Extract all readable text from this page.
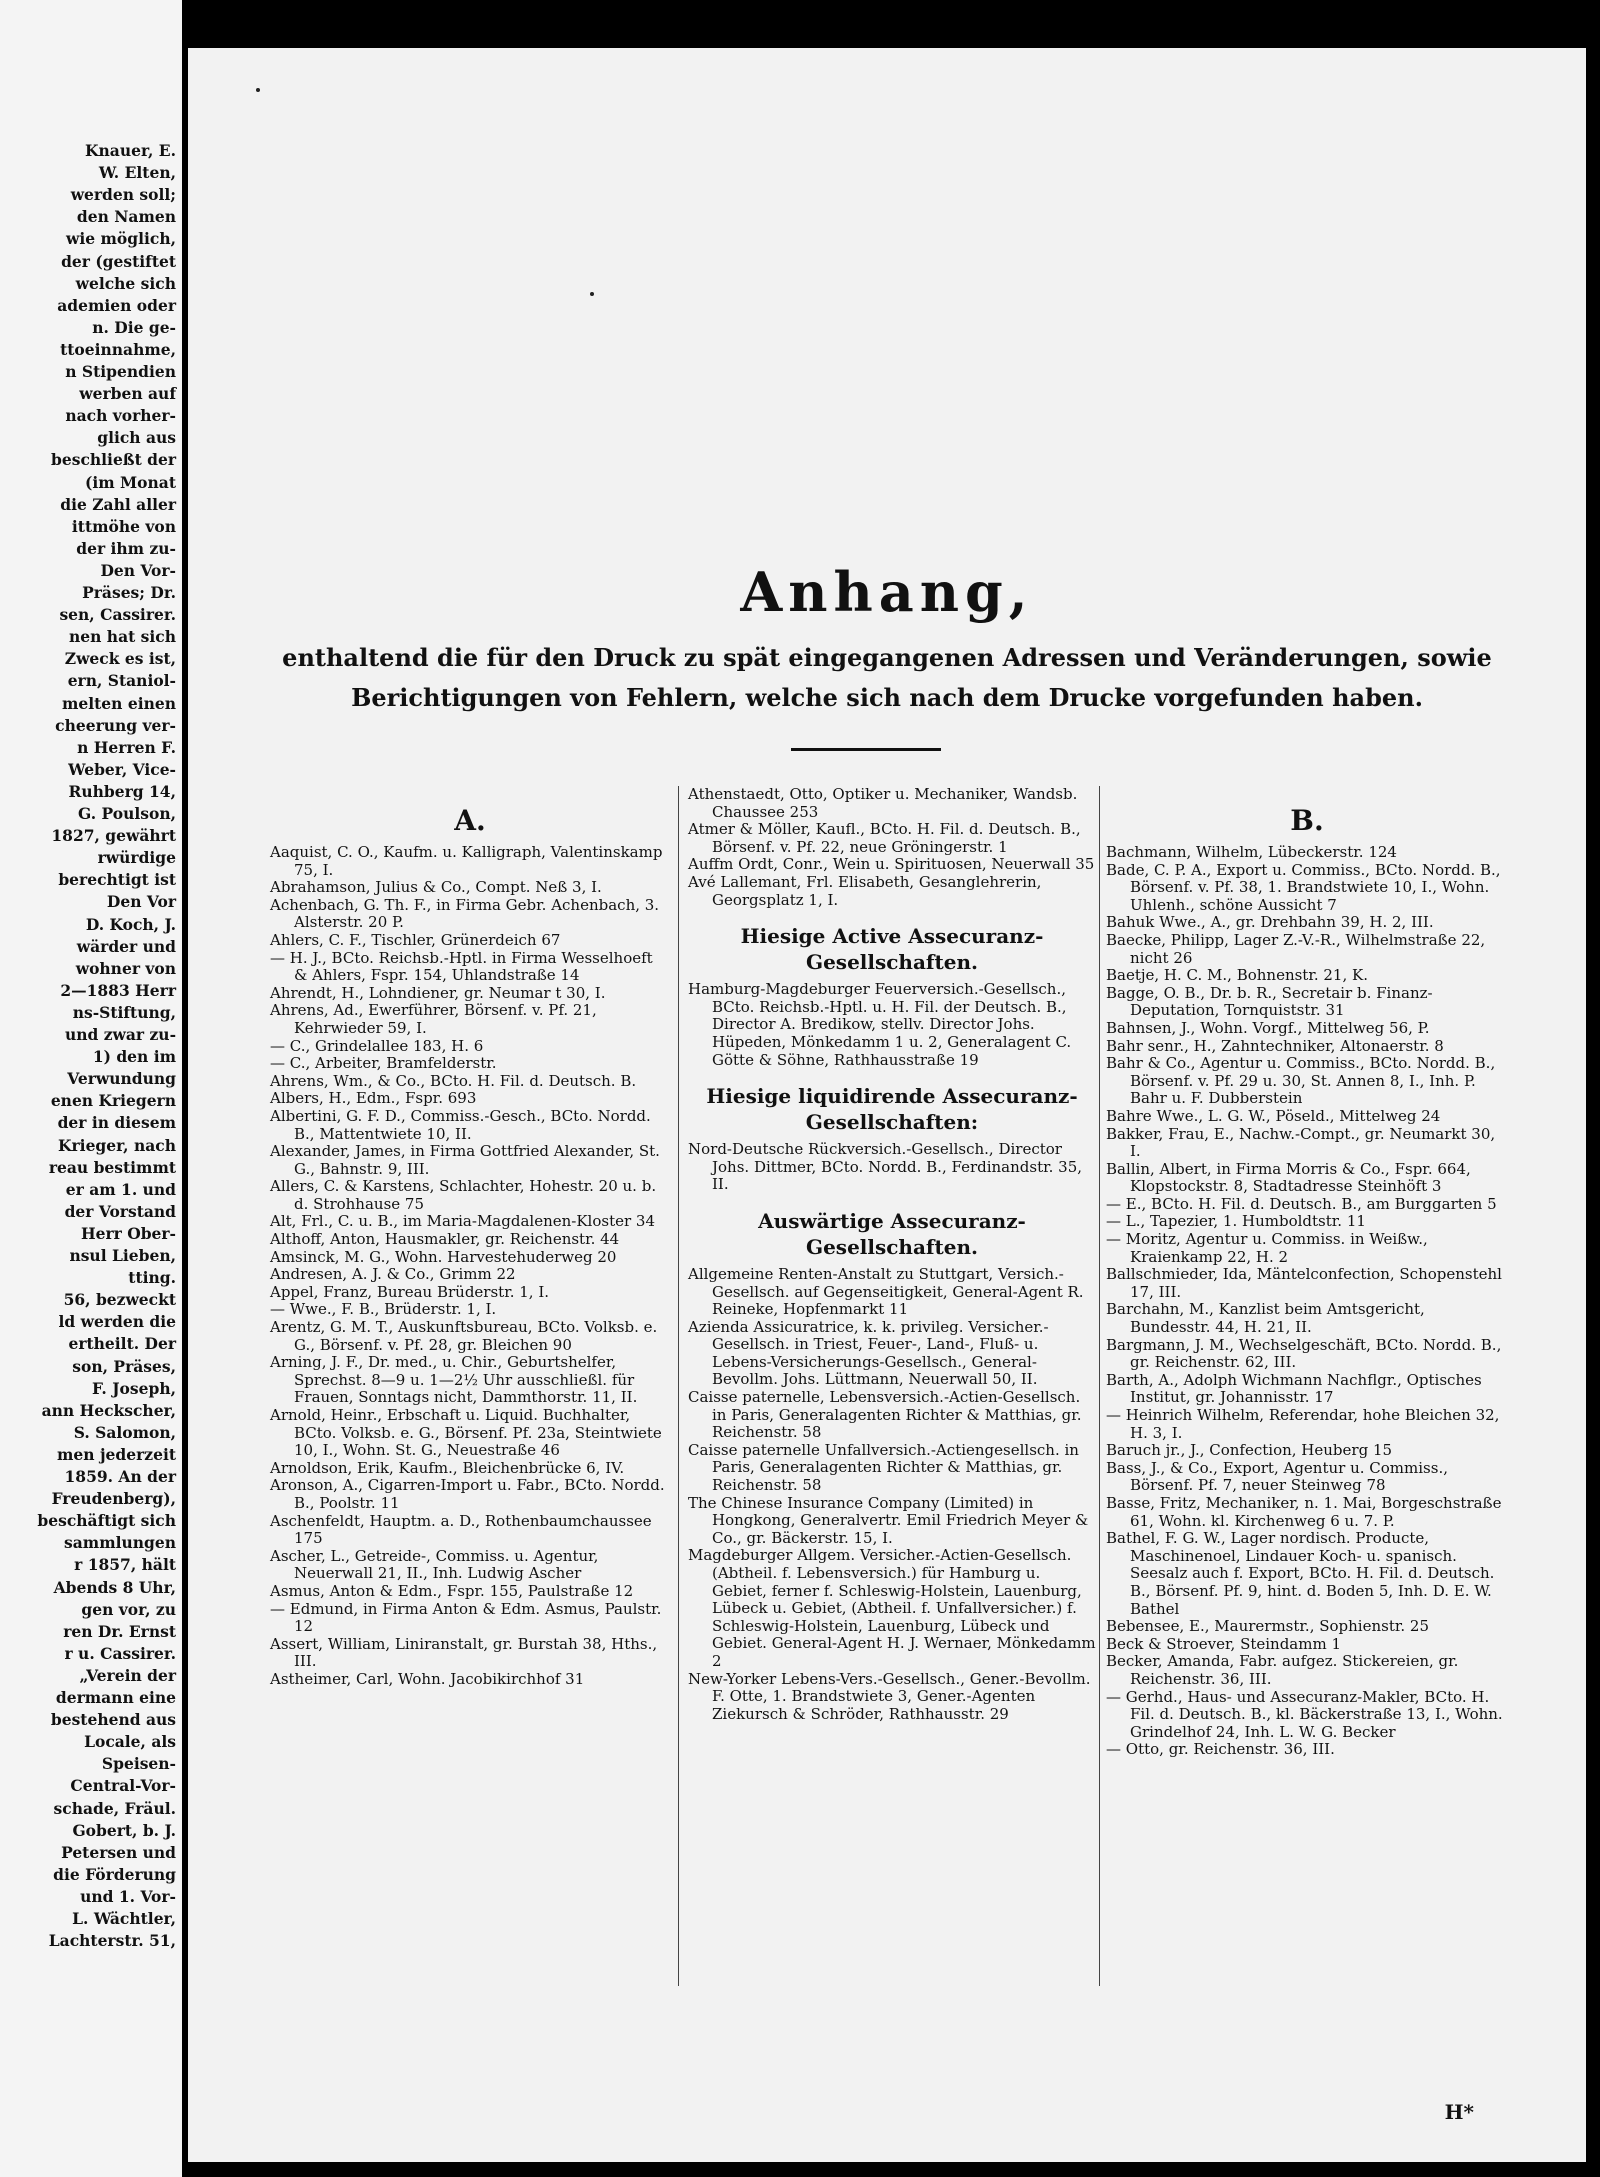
Knauer, E.
W. Elten,
werden soll;
den Namen
wie möglich,
der (gestiftet
welche sich
ademien oder
n. Die ge-
ttoeinnahme,
n Stipendien
werben auf
nach vorher-
glich aus
beschließt der
(im Monat
die Zahl aller
ittmöhe von
der ihm zu-
Den Vor-
Präses; Dr.
sen, Cassirer.
nen hat sich
Zweck es ist,
ern, Staniol-
melten einen
cheerung ver-
n Herren F.
Weber, Vice-
Ruhberg 14,
G. Poulson,
1827, gewährt
rwürdige
berechtigt ist
Den Vor
D. Koch, J.
wärder und
wohner von
2—1883 Herr
ns-Stiftung,
und zwar zu-
1) den im
Verwundung
enen Kriegern
der in diesem
Krieger, nach
reau bestimmt
er am 1. und
der Vorstand
Herr Ober-
nsul Lieben,
tting.
56, bezweckt
ld werden die
ertheilt. Der
son, Präses,
F. Joseph,
ann Heckscher,
S. Salomon,
men jederzeit
1859. An der
Freudenberg),
beschäftigt sich
sammlungen
r 1857, hält
Abends 8 Uhr,
gen vor, zu
ren Dr. Ernst
r u. Cassirer.
„Verein der
dermann eine
bestehend aus
Locale, als
Speisen-
Central-Vor-
schade, Fräul.
Gobert, b. J.
Petersen und
die Förderung
und 1. Vor-
L. Wächtler,
Lachterstr. 51,
Anhang,
enthaltend die für den Druck zu spät eingegangenen Adressen und Veränderungen, sowie Berichtigungen von Fehlern, welche sich nach dem Drucke vorgefunden haben.
A.
Aaquist, C. O., Kaufm. u. Kalligraph, Valentinskamp 75, I.
Abrahamson, Julius & Co., Compt. Neß 3, I.
Achenbach, G. Th. F., in Firma Gebr. Achenbach, 3. Alsterstr. 20 P.
Ahlers, C. F., Tischler, Grünerdeich 67
— H. J., BCto. Reichsb.-Hptl. in Firma Wesselhoeft & Ahlers, Fspr. 154, Uhlandstraße 14
Ahrendt, H., Lohndiener, gr. Neumar t 30, I.
Ahrens, Ad., Ewerführer, Börsenf. v. Pf. 21, Kehrwieder 59, I.
— C., Grindelallee 183, H. 6
— C., Arbeiter, Bramfelderstr.
Ahrens, Wm., & Co., BCto. H. Fil. d. Deutsch. B.
Albers, H., Edm., Fspr. 693
Albertini, G. F. D., Commiss.-Gesch., BCto. Nordd. B., Mattentwiete 10, II.
Alexander, James, in Firma Gottfried Alexander, St. G., Bahnstr. 9, III.
Allers, C. & Karstens, Schlachter, Hohestr. 20 u. b. d. Strohhause 75
Alt, Frl., C. u. B., im Maria-Magdalenen-Kloster 34
Althoff, Anton, Hausmakler, gr. Reichenstr. 44
Amsinck, M. G., Wohn. Harvestehuderweg 20
Andresen, A. J. & Co., Grimm 22
Appel, Franz, Bureau Brüderstr. 1, I.
— Wwe., F. B., Brüderstr. 1, I.
Arentz, G. M. T., Auskunftsbureau, BCto. Volksb. e. G., Börsenf. v. Pf. 28, gr. Bleichen 90
Arning, J. F., Dr. med., u. Chir., Geburtshelfer, Sprechst. 8—9 u. 1—2½ Uhr ausschließl. für Frauen, Sonntags nicht, Dammthorstr. 11, II.
Arnold, Heinr., Erbschaft u. Liquid. Buchhalter, BCto. Volksb. e. G., Börsenf. Pf. 23a, Steintwiete 10, I., Wohn. St. G., Neuestraße 46
Arnoldson, Erik, Kaufm., Bleichenbrücke 6, IV.
Aronson, A., Cigarren-Import u. Fabr., BCto. Nordd. B., Poolstr. 11
Aschenfeldt, Hauptm. a. D., Rothenbaumchaussee 175
Ascher, L., Getreide-, Commiss. u. Agentur, Neuerwall 21, II., Inh. Ludwig Ascher
Asmus, Anton & Edm., Fspr. 155, Paulstraße 12
— Edmund, in Firma Anton & Edm. Asmus, Paulstr. 12
Assert, William, Liniranstalt, gr. Burstah 38, Hths., III.
Astheimer, Carl, Wohn. Jacobikirchhof 31
Athenstaedt, Otto, Optiker u. Mechaniker, Wandsb. Chaussee 253
Atmer & Möller, Kaufl., BCto. H. Fil. d. Deutsch. B., Börsenf. v. Pf. 22, neue Gröningerstr. 1
Auffm Ordt, Conr., Wein u. Spirituosen, Neuerwall 35
Avé Lallemant, Frl. Elisabeth, Gesanglehrerin, Georgsplatz 1, I.
Hiesige Active Assecuranz-Gesellschaften.
Hamburg-Magdeburger Feuerversich.-Gesellsch., BCto. Reichsb.-Hptl. u. H. Fil. der Deutsch. B., Director A. Bredikow, stellv. Director Johs. Hüpeden, Mönkedamm 1 u. 2, Generalagent C. Götte & Söhne, Rathhausstraße 19
Hiesige liquidirende Assecuranz-Gesellschaften:
Nord-Deutsche Rückversich.-Gesellsch., Director Johs. Dittmer, BCto. Nordd. B., Ferdinandstr. 35, II.
Auswärtige Assecuranz-Gesellschaften.
Allgemeine Renten-Anstalt zu Stuttgart, Versich.-Gesellsch. auf Gegenseitigkeit, General-Agent R. Reineke, Hopfenmarkt 11
Azienda Assicuratrice, k. k. privileg. Versicher.-Gesellsch. in Triest, Feuer-, Land-, Fluß- u. Lebens-Versicherungs-Gesellsch., General-Bevollm. Johs. Lüttmann, Neuerwall 50, II.
Caisse paternelle, Lebensversich.-Actien-Gesellsch. in Paris, Generalagenten Richter & Matthias, gr. Reichenstr. 58
Caisse paternelle Unfallversich.-Actiengesellsch. in Paris, Generalagenten Richter & Matthias, gr. Reichenstr. 58
The Chinese Insurance Company (Limited) in Hongkong, Generalvertr. Emil Friedrich Meyer & Co., gr. Bäckerstr. 15, I.
Magdeburger Allgem. Versicher.-Actien-Gesellsch. (Abtheil. f. Lebensversich.) für Hamburg u. Gebiet, ferner f. Schleswig-Holstein, Lauenburg, Lübeck u. Gebiet, (Abtheil. f. Unfallversicher.) f. Schleswig-Holstein, Lauenburg, Lübeck und Gebiet. General-Agent H. J. Wernaer, Mönkedamm 2
New-Yorker Lebens-Vers.-Gesellsch., Gener.-Bevollm. F. Otte, 1. Brandstwiete 3, Gener.-Agenten Ziekursch & Schröder, Rathhausstr. 29
B.
Bachmann, Wilhelm, Lübeckerstr. 124
Bade, C. P. A., Export u. Commiss., BCto. Nordd. B., Börsenf. v. Pf. 38, 1. Brandstwiete 10, I., Wohn. Uhlenh., schöne Aussicht 7
Bahuk Wwe., A., gr. Drehbahn 39, H. 2, III.
Baecke, Philipp, Lager Z.-V.-R., Wilhelmstraße 22, nicht 26
Baetje, H. C. M., Bohnenstr. 21, K.
Bagge, O. B., Dr. b. R., Secretair b. Finanz-Deputation, Tornquiststr. 31
Bahnsen, J., Wohn. Vorgf., Mittelweg 56, P.
Bahr senr., H., Zahntechniker, Altonaerstr. 8
Bahr & Co., Agentur u. Commiss., BCto. Nordd. B., Börsenf. v. Pf. 29 u. 30, St. Annen 8, I., Inh. P. Bahr u. F. Dubberstein
Bahre Wwe., L. G. W., Pöseld., Mittelweg 24
Bakker, Frau, E., Nachw.-Compt., gr. Neumarkt 30, I.
Ballin, Albert, in Firma Morris & Co., Fspr. 664, Klopstockstr. 8, Stadtadresse Steinhöft 3
— E., BCto. H. Fil. d. Deutsch. B., am Burggarten 5
— L., Tapezier, 1. Humboldtstr. 11
— Moritz, Agentur u. Commiss. in Weißw., Kraienkamp 22, H. 2
Ballschmieder, Ida, Mäntelconfection, Schopenstehl 17, III.
Barchahn, M., Kanzlist beim Amtsgericht, Bundesstr. 44, H. 21, II.
Bargmann, J. M., Wechselgeschäft, BCto. Nordd. B., gr. Reichenstr. 62, III.
Barth, A., Adolph Wichmann Nachflgr., Optisches Institut, gr. Johannisstr. 17
— Heinrich Wilhelm, Referendar, hohe Bleichen 32, H. 3, I.
Baruch jr., J., Confection, Heuberg 15
Bass, J., & Co., Export, Agentur u. Commiss., Börsenf. Pf. 7, neuer Steinweg 78
Basse, Fritz, Mechaniker, n. 1. Mai, Borgeschstraße 61, Wohn. kl. Kirchenweg 6 u. 7. P.
Bathel, F. G. W., Lager nordisch. Producte, Maschinenoel, Lindauer Koch- u. spanisch. Seesalz auch f. Export, BCto. H. Fil. d. Deutsch. B., Börsenf. Pf. 9, hint. d. Boden 5, Inh. D. E. W. Bathel
Bebensee, E., Maurermstr., Sophienstr. 25
Beck & Stroever, Steindamm 1
Becker, Amanda, Fabr. aufgez. Stickereien, gr. Reichenstr. 36, III.
— Gerhd., Haus- und Assecuranz-Makler, BCto. H. Fil. d. Deutsch. B., kl. Bäckerstraße 13, I., Wohn. Grindelhof 24, Inh. L. W. G. Becker
— Otto, gr. Reichenstr. 36, III.
H*
